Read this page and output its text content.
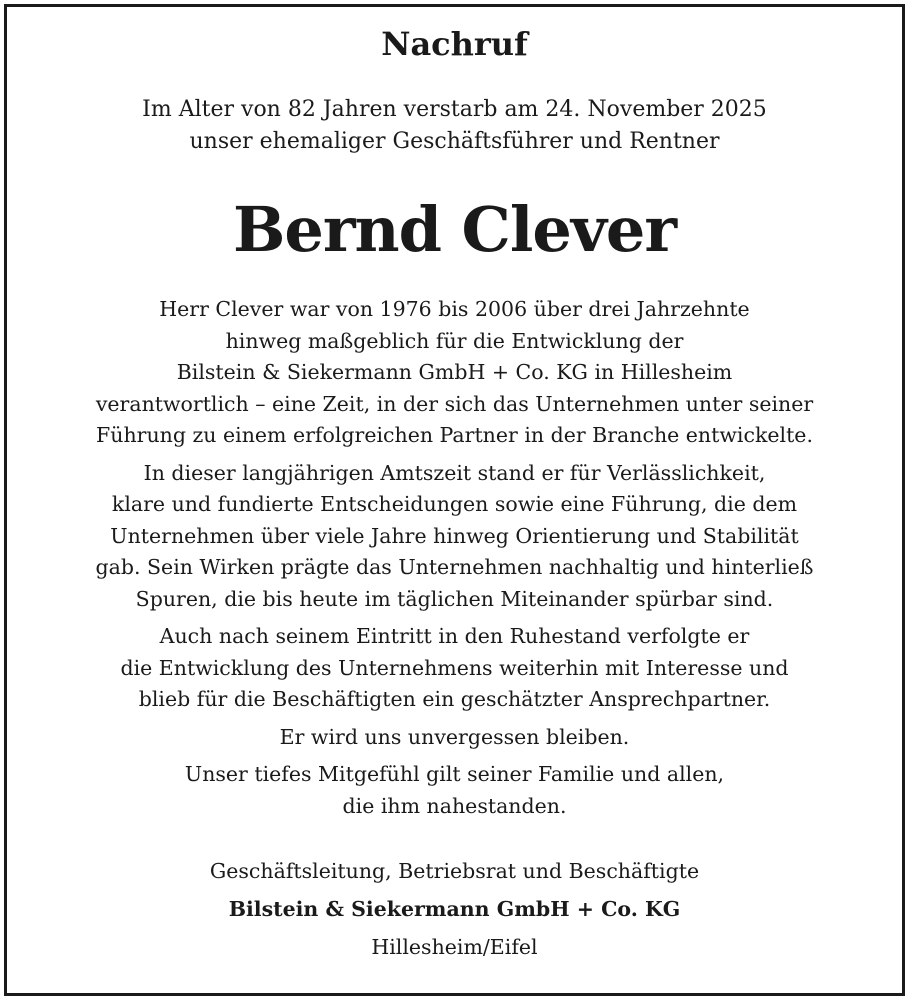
Nachruf
Im Alter von 82 Jahren verstarb am 24. November 2025
unser ehemaliger Geschäftsführer und Rentner
Bernd Clever

Herr Clever war von 1976 bis 2006 über drei Jahrzehnte
hinweg maßgeblich für die Entwicklung der
Bilstein & Siekermann GmbH + Co. KG in Hillesheim
verantwortlich – eine Zeit, in der sich das Unternehmen unter seiner
Führung zu einem erfolgreichen Partner in der Branche entwickelte.

In dieser langjährigen Amtszeit stand er für Verlässlichkeit,
klare und fundierte Entscheidungen sowie eine Führung, die dem
Unternehmen über viele Jahre hinweg Orientierung und Stabilität
gab. Sein Wirken prägte das Unternehmen nachhaltig und hinterließ
Spuren, die bis heute im täglichen Miteinander spürbar sind.

Auch nach seinem Eintritt in den Ruhestand verfolgte er
die Entwicklung des Unternehmens weiterhin mit Interesse und
blieb für die Beschäftigten ein geschätzter Ansprechpartner.

Er wird uns unvergessen bleiben.

Unser tiefes Mitgefühl gilt seiner Familie und allen,
die ihm nahestanden.

Geschäftsleitung, Betriebsrat und Beschäftigte
Bilstein & Siekermann GmbH + Co. KG
Hillesheim/Eifel
